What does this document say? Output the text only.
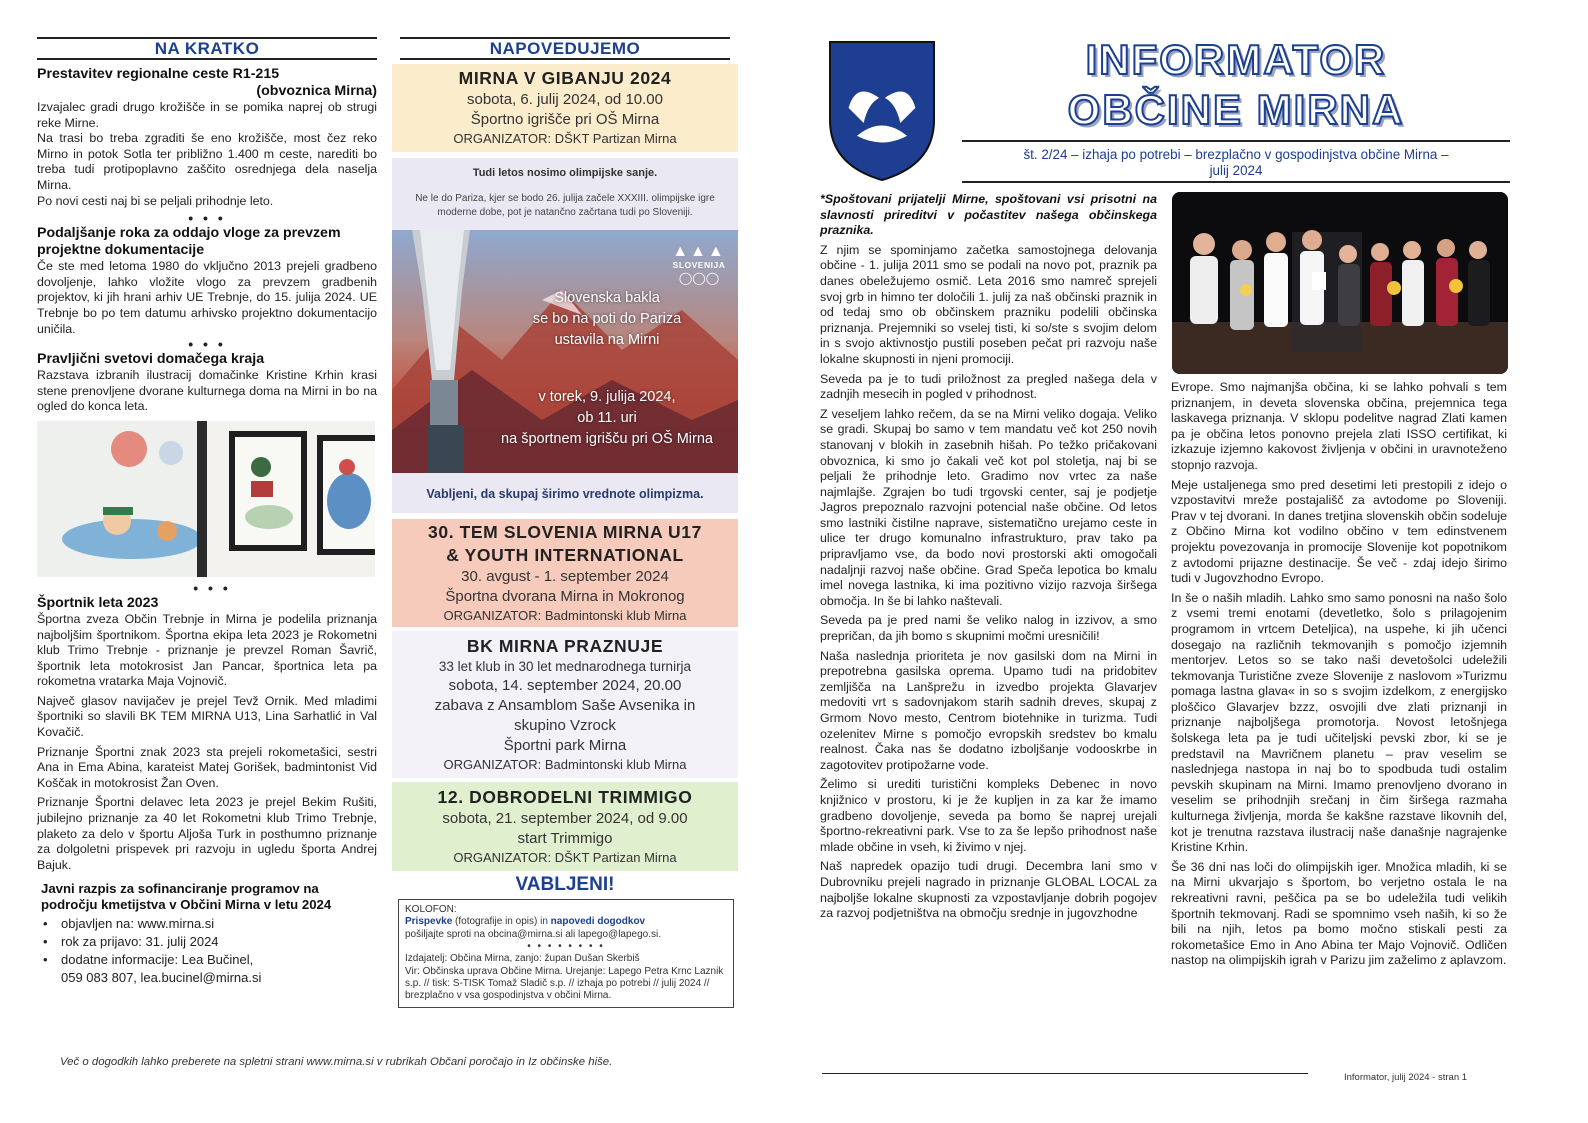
NA KRATKO
Prestavitev regionalne ceste R1-215
(obvoznica Mirna)

Izvajalec gradi drugo krožišče in se pomika naprej ob strugi reke Mirne.

Na trasi bo treba zgraditi še eno krožišče, most čez reko Mirno in potok Sotla ter približno 1.400 m ceste, narediti bo treba tudi protipoplavno zaščito osrednjega dela naselja Mirna.

Po novi cesti naj bi se peljali prihodnje leto.

• • •
Podaljšanje roka za oddajo vloge za prevzem projektne dokumentacije

Če ste med letoma 1980 do vključno 2013 prejeli gradbeno dovoljenje, lahko vložite vlogo za prevzem gradbenih projektov, ki jih hrani arhiv UE Trebnje, do 15. julija 2024. UE Trebnje bo po tem datumu arhivsko projektno dokumentacijo uničila.

• • •
Pravljični svetovi domačega kraja

Razstava izbranih ilustracij domačinke Kristine Krhin krasi stene prenovljene dvorane kulturnega doma na Mirni in bo na ogled do konca leta.

• • •
Športnik leta 2023

Športna zveza Občin Trebnje in Mirna je podelila priznanja najboljšim športnikom. Športna ekipa leta 2023 je Rokometni klub Trimo Trebnje - priznanje je prevzel Roman Šavrič, športnik leta motokrosist Jan Pancar, športnica leta pa rokometna vratarka Maja Vojnovič.

Največ glasov navijačev je prejel Tevž Ornik. Med mladimi športniki so slavili BK TEM MIRNA U13, Lina Sarhatlić in Val Kovačič.

Priznanje Športni znak 2023 sta prejeli rokometašici, sestri Ana in Ema Abina, karateist Matej Gorišek, badmintonist Vid Koščak in motokrosist Žan Oven.

Priznanje Športni delavec leta 2023 je prejel Bekim Rušiti, jubilejno priznanje za 40 let Rokometni klub Trimo Trebnje, plaketo za delo v športu Aljoša Turk in posthumno priznanje za dolgoletni prispevek pri razvoju in ugledu športa Andrej Bajuk.

Javni razpis za sofinanciranje programov na področju kmetijstva v Občini Mirna v letu 2024
• objavljen na: www.mirna.si
• rok za prijavo: 31. julij 2024
• dodatne informacije: Lea Bučinel,
059 083 807, lea.bucinel@mirna.si
NAPOVEDUJEMO
MIRNA V GIBANJU 2024
sobota, 6. julij 2024, od 10.00
Športno igrišče pri OŠ Mirna
ORGANIZATOR: DŠKT Partizan Mirna
Tudi letos nosimo olimpijske sanje.
Ne le do Pariza, kjer se bodo 26. julija začele XXXIII. olimpijske igre moderne dobe, pot je natančno začrtana tudi po Sloveniji.
▲▲▲
SLOVENIJA
◯◯◯
Slovenska bakla
se bo na poti do Pariza
ustavila na Mirni
v torek, 9. julija 2024,
ob 11. uri
na športnem igrišču pri OŠ Mirna
Vabljeni, da skupaj širimo vrednote olimpizma.
30. TEM SLOVENIA MIRNA U17
& YOUTH INTERNATIONAL
30. avgust - 1. september 2024
Športna dvorana Mirna in Mokronog
ORGANIZATOR: Badmintonski klub Mirna
BK MIRNA PRAZNUJE
33 let klub in 30 let mednarodnega turnirja
sobota, 14. september 2024, 20.00
zabava z Ansamblom Saše Avsenika in
skupino Vzrock
Športni park Mirna
ORGANIZATOR: Badmintonski klub Mirna
12. DOBRODELNI TRIMMIGO
sobota, 21. september 2024, od 9.00
start Trimmigo
ORGANIZATOR: DŠKT Partizan Mirna
VABLJENI!
KOLOFON:
Prispevke (fotografije in opis) in napovedi dogodkov
pošiljajte sproti na obcina@mirna.si ali lapego@lapego.si.
• • • • • • • •
Izdajatelj: Občina Mirna, zanjo: župan Dušan Skerbiš
Vir: Občinska uprava Občine Mirna. Urejanje: Lapego Petra Krnc Laznik s.p. // tisk: S-TISK Tomaž Sladič s.p. // izhaja po potrebi // julij 2024 // brezplačno v vsa gospodinjstva v občini Mirna.
Več o dogodkih lahko preberete na spletni strani www.mirna.si v rubrikah Občani poročajo in Iz občinske hiše.
INFORMATOR
OBČINE MIRNA
št. 2/24 – izhaja po potrebi – brezplačno v gospodinjstva občine Mirna –
julij 2024

*Spoštovani prijatelji Mirne, spoštovani vsi prisotni na slavnosti prireditvi v počastitev našega občinskega praznika.

Z njim se spominjamo začetka samostojnega delovanja občine - 1. julija 2011 smo se podali na novo pot, praznik pa danes obeležujemo osmič. Leta 2016 smo namreč sprejeli svoj grb in himno ter določili 1. julij za naš občinski praznik in od tedaj smo ob občinskem prazniku podelili občinska priznanja. Prejemniki so vselej tisti, ki so/ste s svojim delom in s svojo aktivnostjo pustili poseben pečat pri razvoju naše lokalne skupnosti in njeni promociji.

Seveda pa je to tudi priložnost za pregled našega dela v zadnjih mesecih in pogled v prihodnost.

Z veseljem lahko rečem, da se na Mirni veliko dogaja. Veliko se gradi. Skupaj bo samo v tem mandatu več kot 250 novih stanovanj v blokih in zasebnih hišah. Po težko pričakovani obvoznica, ki smo jo čakali več kot pol stoletja, naj bi se peljali že prihodnje leto. Gradimo nov vrtec za naše najmlajše. Zgrajen bo tudi trgovski center, saj je podjetje Jagros prepoznalo razvojni potencial naše občine. Od letos smo lastniki čistilne naprave, sistematično urejamo ceste in ulice ter drugo komunalno infrastrukturo, prav tako pa pripravljamo vse, da bodo novi prostorski akti omogočali nadaljnji razvoj naše občine. Grad Speča lepotica bo kmalu imel novega lastnika, ki ima pozitivno vizijo razvoja širšega območja. In še bi lahko naštevali.

Seveda pa je pred nami še veliko nalog in izzivov, a smo prepričan, da jih bomo s skupnimi močmi uresničili!

Naša naslednja prioriteta je nov gasilski dom na Mirni in prepotrebna gasilska oprema. Upamo tudi na pridobitev zemljišča na Lanšprežu in izvedbo projekta Glavarjev medoviti vrt s sadovnjakom starih sadnih dreves, skupaj z Grmom Novo mesto, Centrom biotehnike in turizma. Tudi ozelenitev Mirne s pomočjo evropskih sredstev bo kmalu realnost. Čaka nas še dodatno izboljšanje vodooskrbe in zagotovitev protipožarne vode.

Želimo si urediti turistični kompleks Debenec in novo knjižnico v prostoru, ki je že kupljen in za kar že imamo gradbeno dovoljenje, seveda pa bomo še naprej urejali športno-rekreativni park. Vse to za še lepšo prihodnost naše mlade občine in vseh, ki živimo v njej.

Naš napredek opazijo tudi drugi. Decembra lani smo v Dubrovniku prejeli nagrado in priznanje GLOBAL LOCAL za najboljše lokalne skupnosti za vzpostavljanje dobrih pogojev za razvoj podjetništva na območju srednje in jugovzhodne

Evrope. Smo najmanjša občina, ki se lahko pohvali s tem priznanjem, in deveta slovenska občina, prejemnica tega laskavega priznanja. V sklopu podelitve nagrad Zlati kamen pa je občina letos ponovno prejela zlati ISSO certifikat, ki izkazuje izjemno kakovost življenja v občini in uravnoteženo stopnjo razvoja.

Meje ustaljenega smo pred desetimi leti prestopili z idejo o vzpostavitvi mreže postajališč za avtodome po Sloveniji. Prav v tej dvorani. In danes tretjina slovenskih občin sodeluje z Občino Mirna kot vodilno občino v tem edinstvenem projektu povezovanja in promocije Slovenije kot popotnikom z avtodomi prijazne destinacije. Še več - zdaj idejo širimo tudi v Jugovzhodno Evropo.

In še o naših mladih. Lahko smo samo ponosni na našo šolo z vsemi tremi enotami (devetletko, šolo s prilagojenim programom in vrtcem Deteljica), na uspehe, ki jih učenci dosegajo na različnih tekmovanjih s pomočjo izjemnih mentorjev. Letos so se tako naši devetošolci udeležili tekmovanja Turistične zveze Slovenije z naslovom »Turizmu pomaga lastna glava« in so s svojim izdelkom, z energijsko ploščico Glavarjev bzzz, osvojili dve zlati priznanji in priznanje najboljšega promotorja. Novost letošnjega šolskega leta pa je tudi učiteljski pevski zbor, ki se je predstavil na Mavričnem planetu – prav veselim se naslednjega nastopa in naj bo to spodbuda tudi ostalim pevskih skupinam na Mirni. Imamo prenovljeno dvorano in veselim se prihodnjih srečanj in čim širšega razmaha kulturnega življenja, morda še kakšne razstave likovnih del, kot je trenutna razstava ilustracij naše današnje nagrajenke Kristine Krhin.

Še 36 dni nas loči do olimpijskih iger. Množica mladih, ki se na Mirni ukvarjajo s športom, bo verjetno ostala le na rekreativni ravni, peščica pa se bo udeležila tudi velikih športnih tekmovanj. Radi se spomnimo vseh naših, ki so že bili na njih, letos pa bomo močno stiskali pesti za rokometašice Emo in Ano Abina ter Majo Vojnovič. Odličen nastop na olimpijskih igrah v Parizu jim zaželimo z aplavzom.

Informator, julij 2024 - stran 1
